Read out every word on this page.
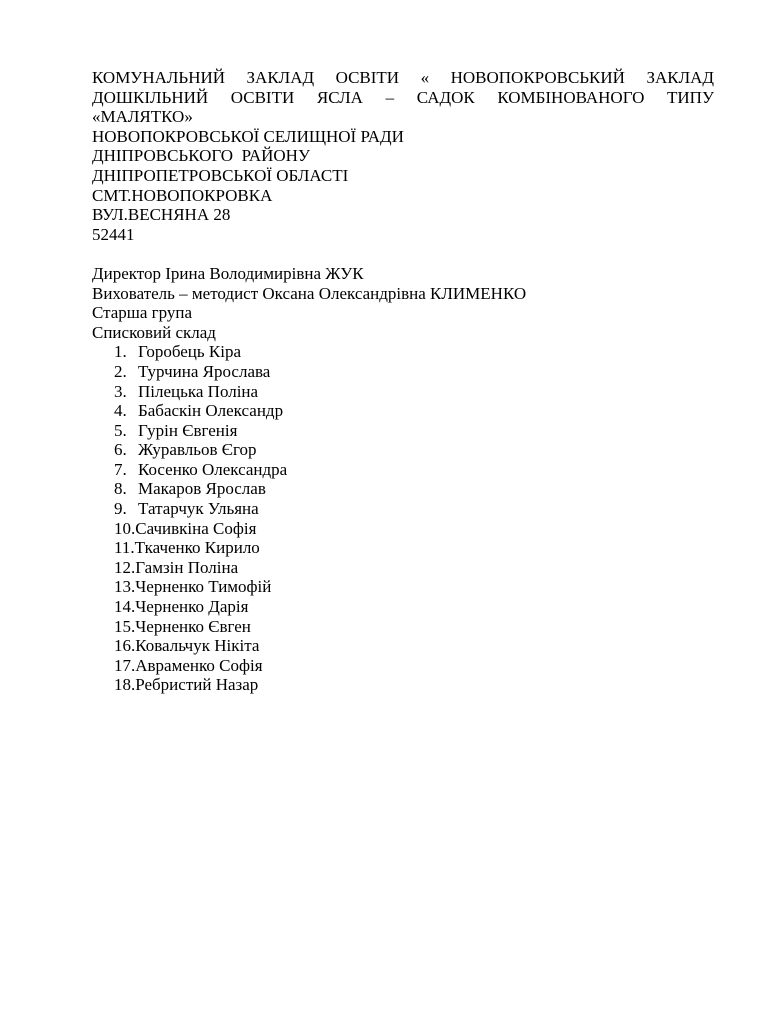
КОМУНАЛЬНИЙ ЗАКЛАД ОСВІТИ « НОВОПОКРОВСЬКИЙ ЗАКЛАД
ДОШКІЛЬНИЙ ОСВІТИ ЯСЛА – САДОК КОМБІНОВАНОГО ТИПУ
«МАЛЯТКО»
НОВОПОКРОВСЬКОЇ СЕЛИЩНОЇ РАДИ
ДНІПРОВСЬКОГО  РАЙОНУ
ДНІПРОПЕТРОВСЬКОЇ ОБЛАСТІ
СМТ.НОВОПОКРОВКА
ВУЛ.ВЕСНЯНА 28
52441
Директор Ірина Володимирівна ЖУК
Вихователь – методист Оксана Олександрівна КЛИМЕНКО
Старша група
Списковий склад
1. Горобець Кіра
2. Турчина Ярослава
3. Пілецька Поліна
4. Бабаскін Олександр
5. Гурін Євгенія
6. Журавльов Єгор
7. Косенко Олександра
8. Макаров Ярослав
9. Татарчук Ульяна
10. Сачивкіна Софія
11. Ткаченко Кирило
12. Гамзін Поліна
13. Черненко Тимофій
14. Черненко Дарія
15. Черненко Євген
16. Ковальчук Нікіта
17. Авраменко Софія
18. Ребристий Назар
